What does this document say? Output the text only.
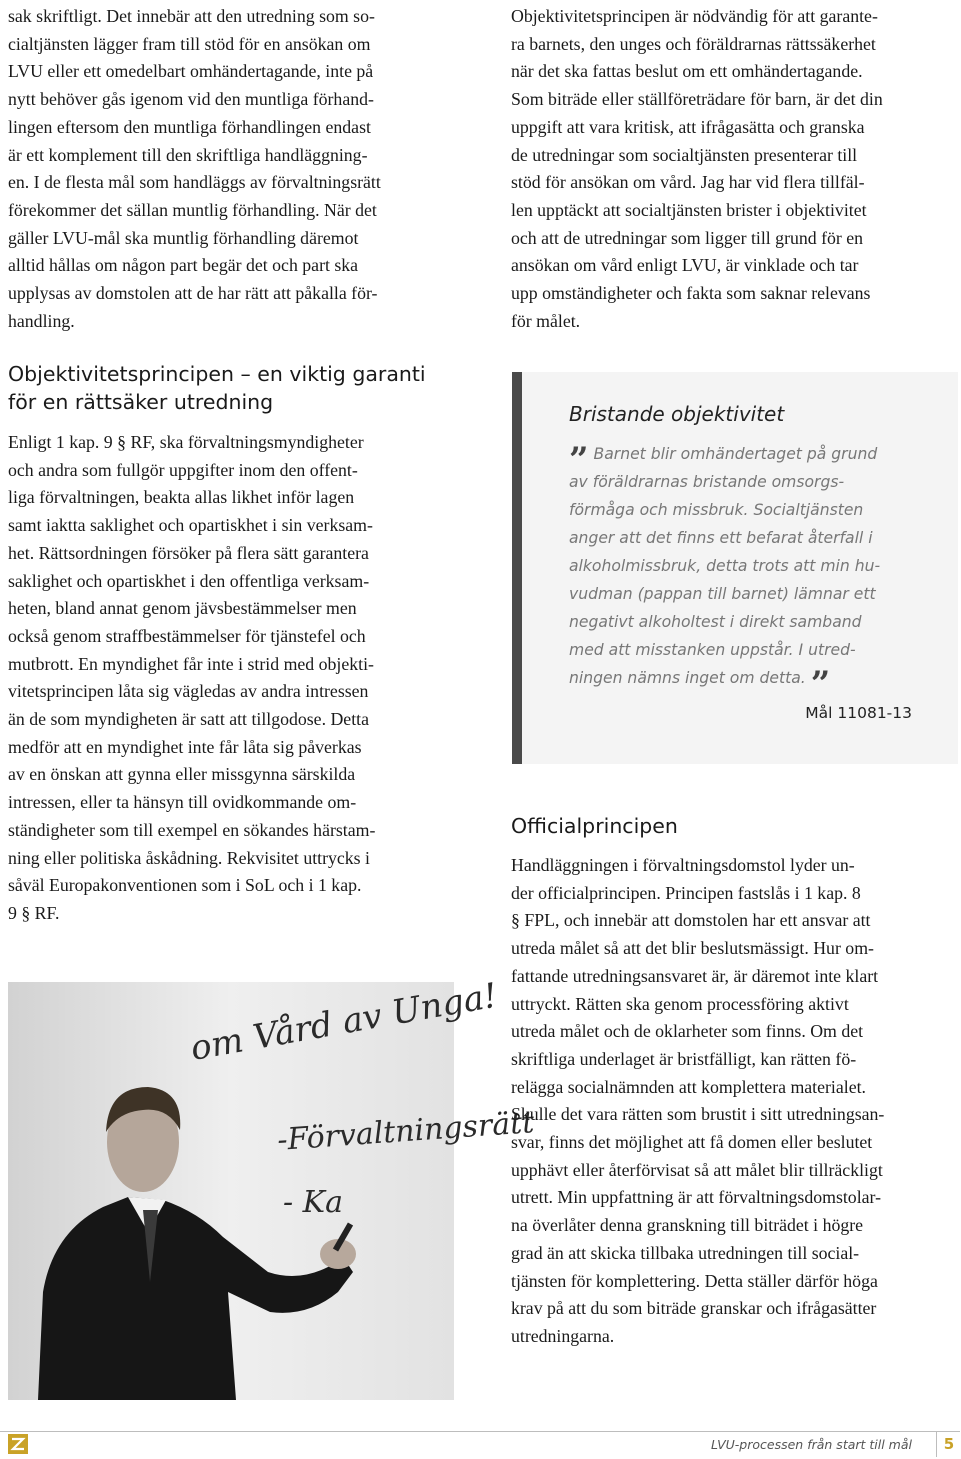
sak skriftligt. Det innebär att den utredning som so-
cialtjänsten lägger fram till stöd för en ansökan om
LVU eller ett omedelbart omhändertagande, inte på
nytt behöver gås igenom vid den muntliga förhand-
lingen eftersom den muntliga förhandlingen endast
är ett komplement till den skriftliga handläggning-
en. I de flesta mål som handläggs av förvaltningsrätt
förekommer det sällan muntlig förhandling. När det
gäller LVU-mål ska muntlig förhandling däremot
alltid hållas om någon part begär det och part ska
upplysas av domstolen att de har rätt att påkalla för-
handling.
Objektivitetsprincipen – en viktig garanti
för en rättsäker utredning
Enligt 1 kap. 9 § RF, ska förvaltningsmyndigheter
och andra som fullgör uppgifter inom den offent-
liga förvaltningen, beakta allas likhet inför lagen
samt iaktta saklighet och opartiskhet i sin verksam-
het. Rättsordningen försöker på flera sätt garantera
saklighet och opartiskhet i den offentliga verksam-
heten, bland annat genom jävsbestämmelser men
också genom straffbestämmelser för tjänstefel och
mutbrott. En myndighet får inte i strid med objekti-
vitetsprincipen låta sig vägledas av andra intressen
än de som myndigheten är satt att tillgodose. Detta
medför att en myndighet inte får låta sig påverkas
av en önskan att gynna eller missgynna särskilda
intressen, eller ta hänsyn till ovidkommande om-
ständigheter som till exempel en sökandes härstam-
ning eller politiska åskådning. Rekvisitet uttrycks i
såväl Europakonventionen som i SoL och i 1 kap.
9 § RF.
om Vård av Unga!
-Förvaltningsrätt
- Ka
Objektivitetsprincipen är nödvändig för att garante-
ra barnets, den unges och föräldrarnas rättssäkerhet
när det ska fattas beslut om ett omhändertagande.
Som biträde eller ställföreträdare för barn, är det din
uppgift att vara kritisk, att ifrågasätta och granska
de utredningar som socialtjänsten presenterar till
stöd för ansökan om vård. Jag har vid flera tillfäl-
len upptäckt att socialtjänsten brister i objektivitet
och att de utredningar som ligger till grund för en
ansökan om vård enligt LVU, är vinklade och tar
upp omständigheter och fakta som saknar relevans
för målet.
Bristande objektivitet
” Barnet blir omhändertaget på grund
av föräldrarnas bristande omsorgs-
förmåga och missbruk. Socialtjänsten
anger att det finns ett befarat återfall i
alkoholmissbruk, detta trots att min hu-
vudman (pappan till barnet) lämnar ett
negativt alkoholtest i direkt samband
med att misstanken uppstår. I utred-
ningen nämns inget om detta. ”
Mål 11081-13
Officialprincipen
Handläggningen i förvaltningsdomstol lyder un-
der officialprincipen. Principen fastslås i 1 kap. 8
§ FPL, och innebär att domstolen har ett ansvar att
utreda målet så att det blir beslutsmässigt. Hur om-
fattande utredningsansvaret är, är däremot inte klart
uttryckt. Rätten ska genom processföring aktivt
utreda målet och de oklarheter som finns. Om det
skriftliga underlaget är bristfälligt, kan rätten fö-
relägga socialnämnden att komplettera materialet.
Skulle det vara rätten som brustit i sitt utredningsan-
svar, finns det möjlighet att få domen eller beslutet
upphävt eller återförvisat så att målet blir tillräckligt
utrett. Min uppfattning är att förvaltningsdomstolar-
na överlåter denna granskning till biträdet i högre
grad än att skicka tillbaka utredningen till social-
tjänsten för komplettering. Detta ställer därför höga
krav på att du som biträde granskar och ifrågasätter
utredningarna.
LVU-processen från start till mål	5
